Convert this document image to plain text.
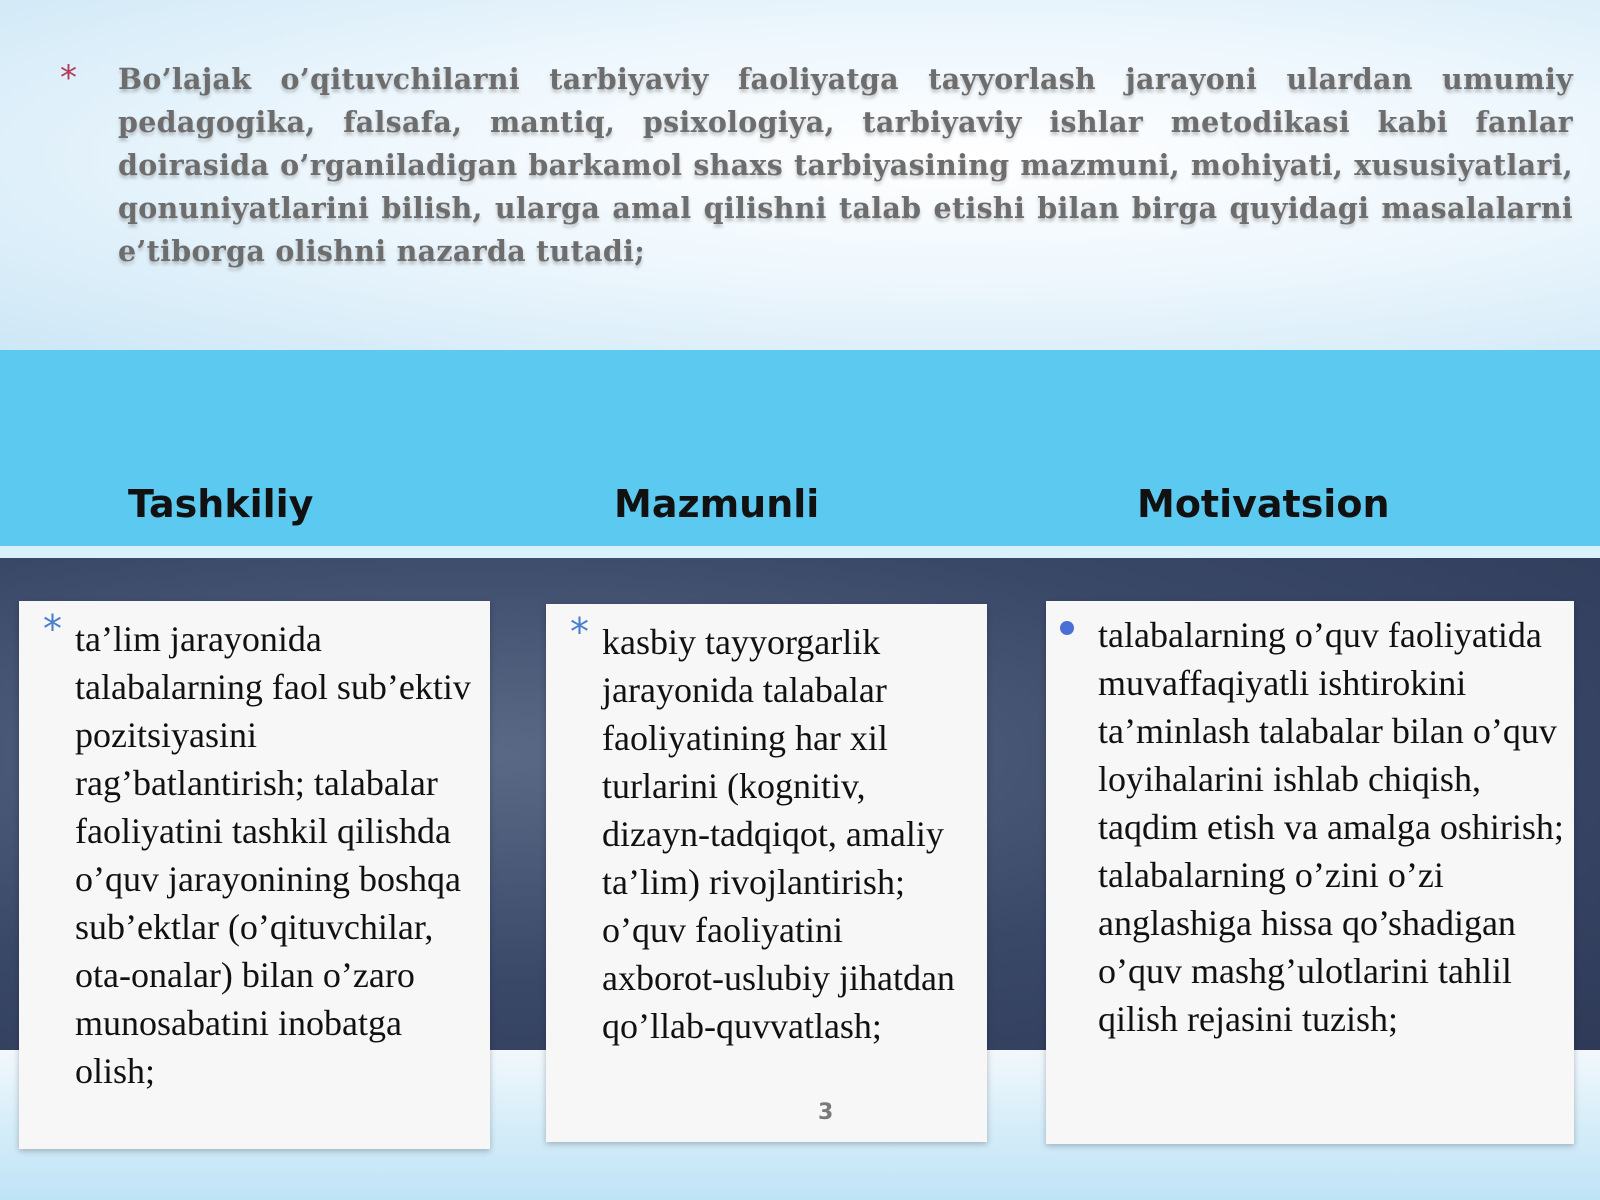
* Bo’lajak o’qituvchilarni tarbiyaviy faoliyatga tayyorlash jarayoni ulardan umumiy pedagogika, falsafa, mantiq, psixologiya, tarbiyaviy ishlar metodikasi kabi fanlar doirasida o’rganiladigan barkamol shaxs tarbiyasining mazmuni, mohiyati, xususiyatlari, qonuniyatlarini bilish, ularga amal qilishni talab etishi bilan birga quyidagi masalalarni e’tiborga olishni nazarda tutadi;
Tashkiliy	Mazmunli	Motivatsion
* ta’lim jarayonida talabalarning faol sub’ektiv pozitsiyasini rag’batlantirish; talabalar faoliyatini tashkil qilishda o’quv jarayonining boshqa sub’ektlar (o’qituvchilar, ota-onalar) bilan o’zaro munosabatini inobatga olish;
* kasbiy tayyorgarlik jarayonida talabalar faoliyatining har xil turlarini (kognitiv, dizayn-tadqiqot, amaliy ta’lim) rivojlantirish; o’quv faoliyatini axborot-uslubiy jihatdan qo’llab-quvvatlash;
talabalarning o’quv faoliyatida muvaffaqiyatli ishtirokini ta’minlash talabalar bilan o’quv loyihalarini ishlab chiqish, taqdim etish va amalga oshirish; talabalarning o’zini o’zi anglashiga hissa qo’shadigan o’quv mashg’ulotlarini tahlil qilish rejasini tuzish;
3
